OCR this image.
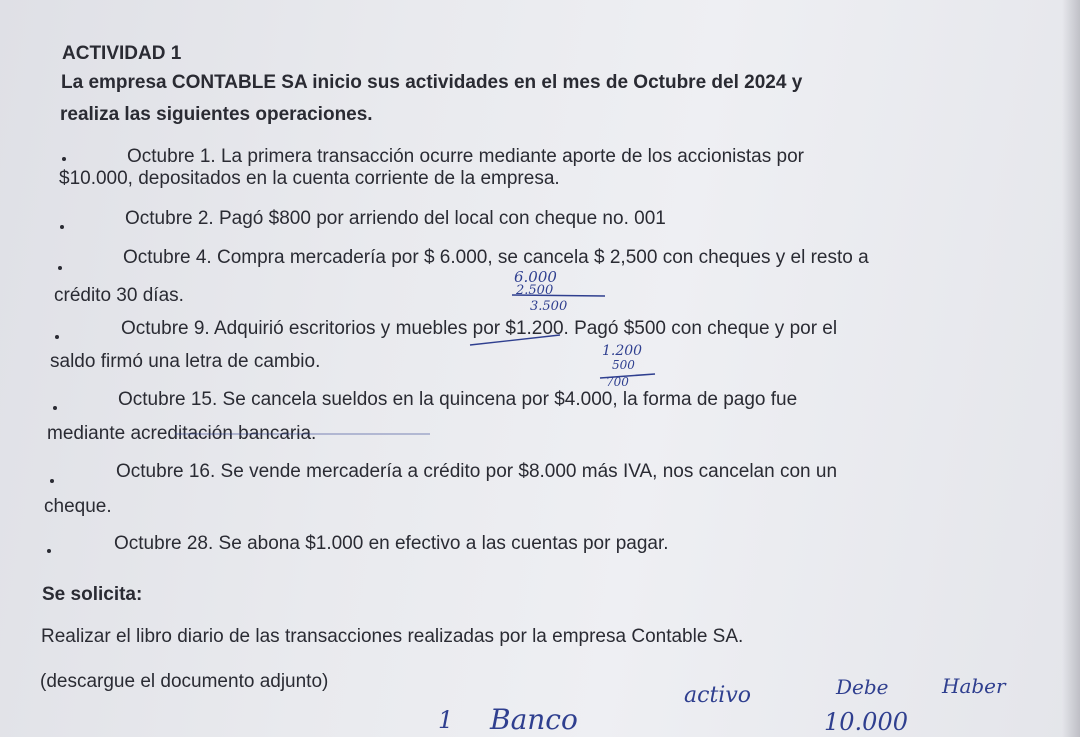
ACTIVIDAD 1
La empresa CONTABLE SA inicio sus actividades en el mes de Octubre del 2024 y
realiza las siguientes operaciones.
Octubre 1. La primera transacción ocurre mediante aporte de los accionistas por
$10.000, depositados en la cuenta corriente de la empresa.
Octubre 2. Pagó $800 por arriendo del local con cheque no. 001
Octubre 4. Compra mercadería por $ 6.000, se cancela $ 2,500 con cheques y el resto a
crédito 30 días.
Octubre 9. Adquirió escritorios y muebles por $1.200. Pagó $500 con cheque y por el
saldo firmó una letra de cambio.
Octubre 15. Se cancela sueldos en la quincena por $4.000, la forma de pago fue
mediante acreditación bancaria.
Octubre 16. Se vende mercadería a crédito por $8.000 más IVA, nos cancelan con un
cheque.
Octubre 28. Se abona $1.000 en efectivo a las cuentas por pagar.
Se solicita:
Realizar el libro diario de las transacciones realizadas por la empresa Contable SA.
(descargue el documento adjunto)
6.000
2.500
3.500
1.200
500
700
activo	Debe	Haber
1 Banco	10.000
